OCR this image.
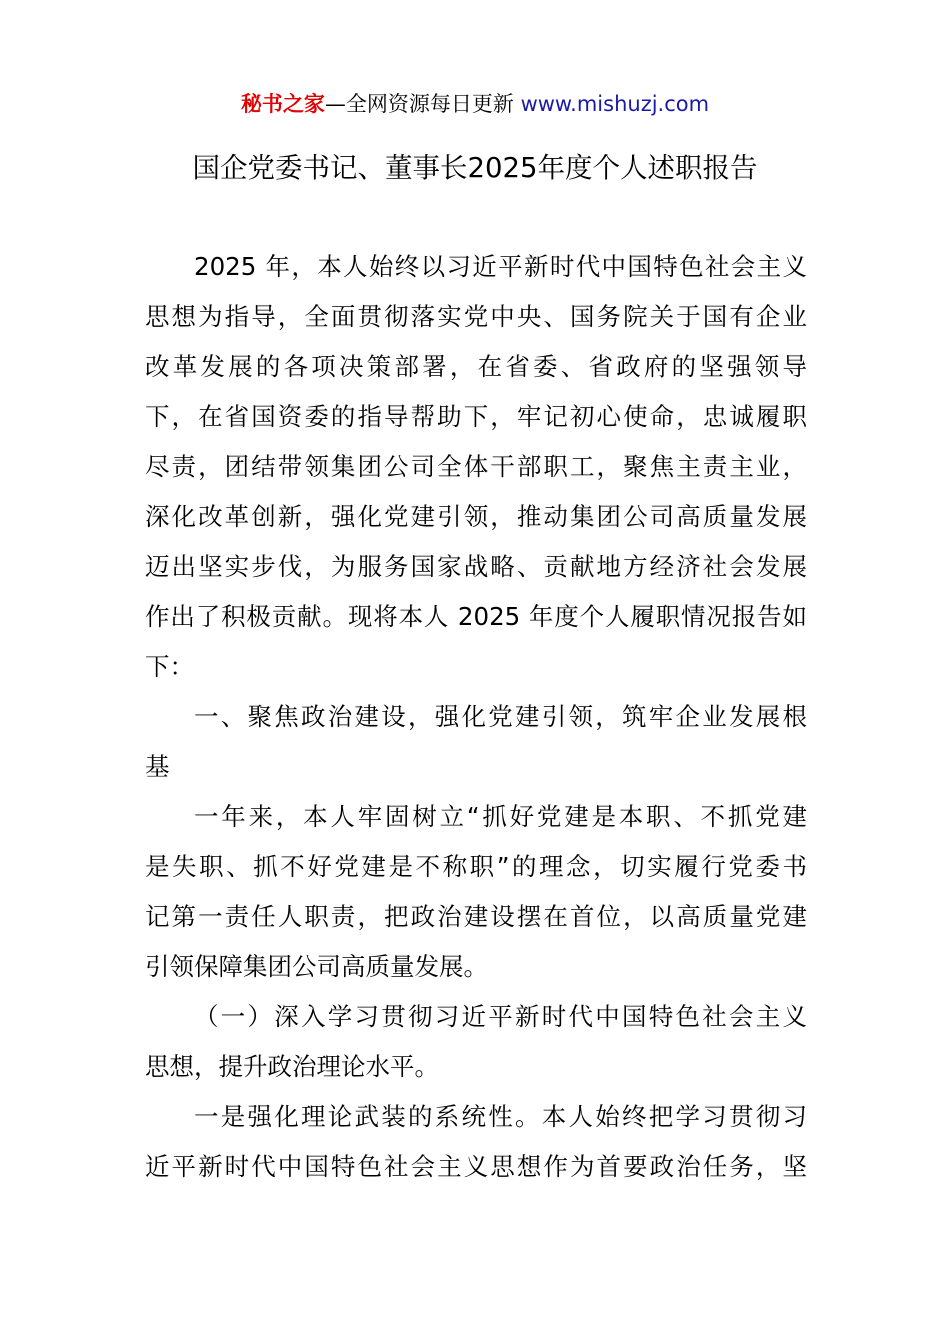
秘书之家—全网资源每日更新 www.mishuzj.com
国企党委书记、董事长2025年度个人述职报告
2025 年，本人始终以习近平新时代中国特色社会主义
思想为指导，全面贯彻落实党中央、国务院关于国有企业
改革发展的各项决策部署，在省委、省政府的坚强领导
下，在省国资委的指导帮助下，牢记初心使命，忠诚履职
尽责，团结带领集团公司全体干部职工，聚焦主责主业，
深化改革创新，强化党建引领，推动集团公司高质量发展
迈出坚实步伐，为服务国家战略、贡献地方经济社会发展
作出了积极贡献。现将本人 2025 年度个人履职情况报告如
下：
一、聚焦政治建设，强化党建引领，筑牢企业发展根
基
一年来，本人牢固树立“抓好党建是本职、不抓党建
是失职、抓不好党建是不称职”的理念，切实履行党委书
记第一责任人职责，把政治建设摆在首位，以高质量党建
引领保障集团公司高质量发展。
（一）深入学习贯彻习近平新时代中国特色社会主义
思想，提升政治理论水平。
一是强化理论武装的系统性。本人始终把学习贯彻习
近平新时代中国特色社会主义思想作为首要政治任务，坚
